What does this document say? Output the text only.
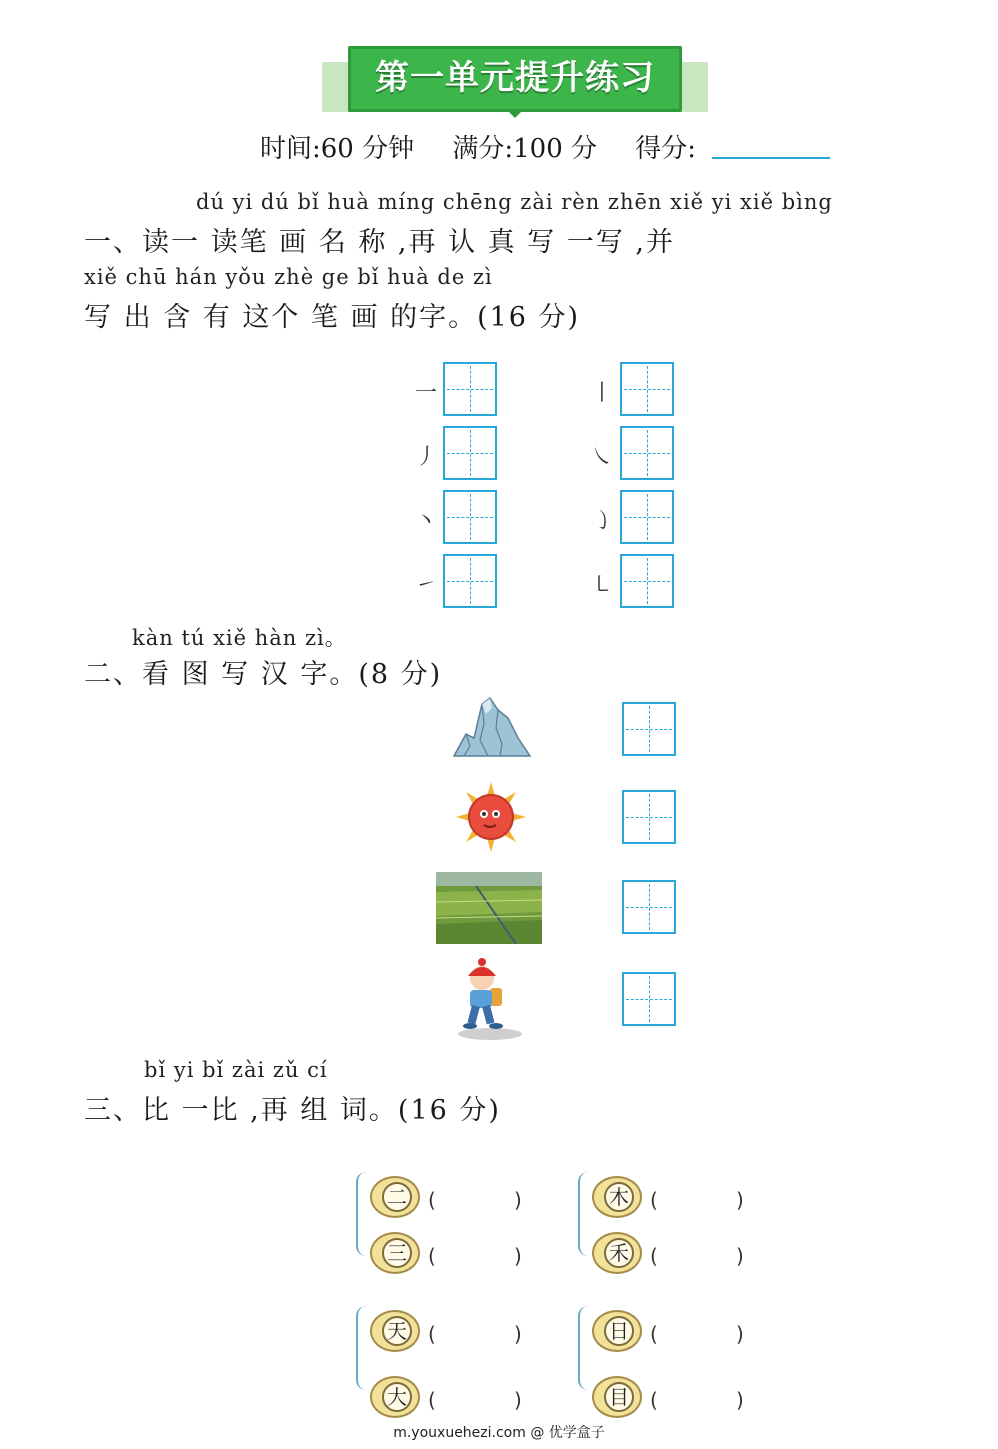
第一单元提升练习
时间:60 分钟 满分:100 分 得分:
dú yi dú bǐ huà míng chēng zài rèn zhēn xiě yi xiě bìng
一、读一 读笔 画 名 称 ,再 认 真 写 一写 ,并
xiě chū hán yǒu zhè ge bǐ huà de zì
写 出 含 有 这个 笔 画 的字。(16 分)
一	丨
丿	㇏
丶	㇁
㇀	㇄
kàn tú xiě hàn zì。
二、看 图 写 汉 字。(8 分)
bǐ yi bǐ zài zǔ cí
三、比 一比 ,再 组 词。(16 分)
二 (	)
三 (	)
木 (	)
禾 (	)
天 (	)
大 (	)
日 (	)
目 (	)
m.youxuehezi.com @ 优学盒子
